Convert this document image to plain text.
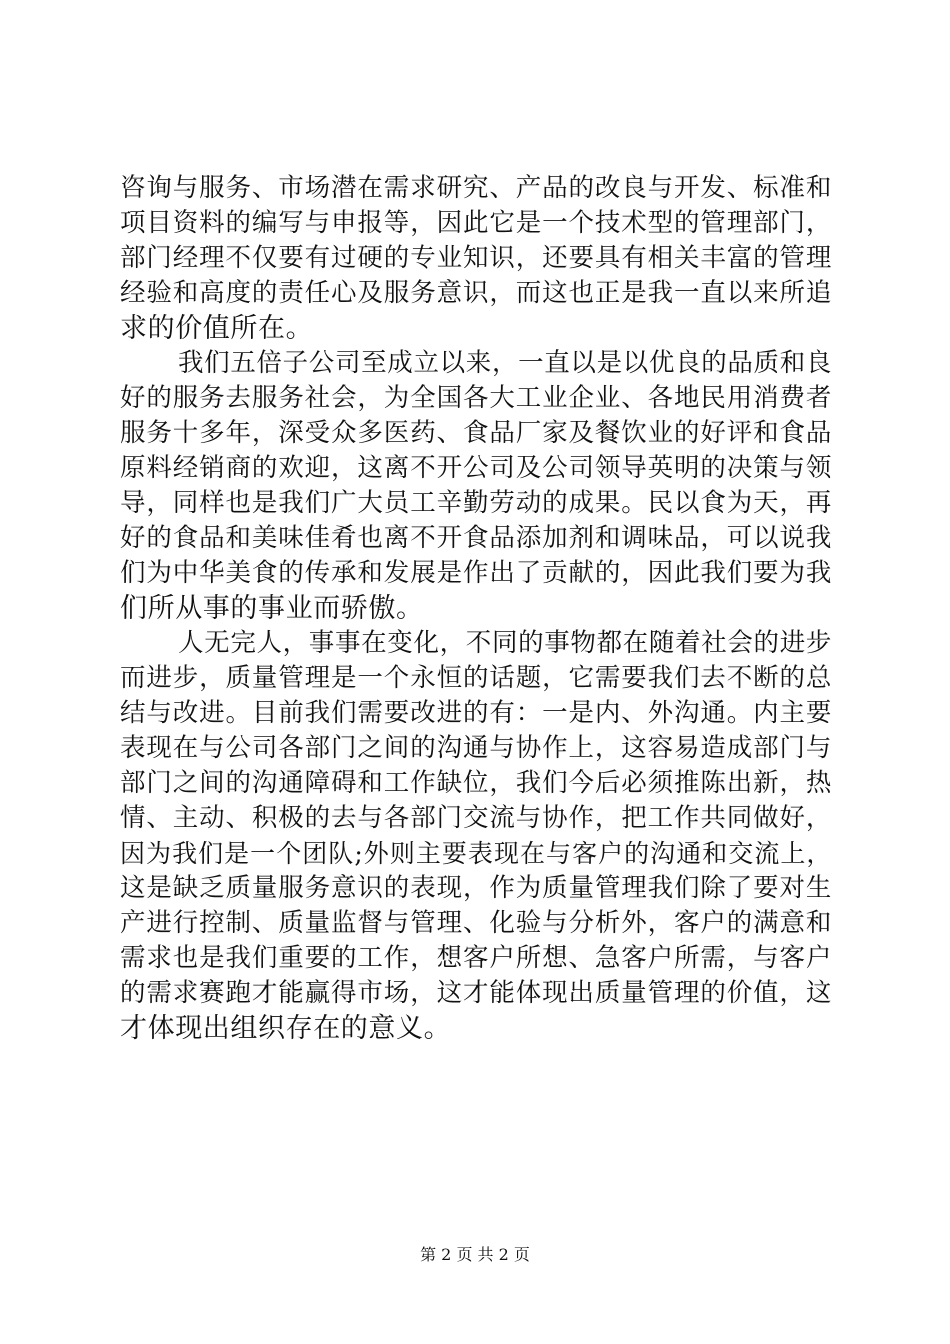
咨询与服务、市场潜在需求研究、产品的改良与开发、标准和
项目资料的编写与申报等，因此它是一个技术型的管理部门，
部门经理不仅要有过硬的专业知识，还要具有相关丰富的管理
经验和高度的责任心及服务意识，而这也正是我一直以来所追
求的价值所在。
我们五倍子公司至成立以来，一直以是以优良的品质和良
好的服务去服务社会，为全国各大工业企业、各地民用消费者
服务十多年，深受众多医药、食品厂家及餐饮业的好评和食品
原料经销商的欢迎，这离不开公司及公司领导英明的决策与领
导，同样也是我们广大员工辛勤劳动的成果。民以食为天，再
好的食品和美味佳肴也离不开食品添加剂和调味品，可以说我
们为中华美食的传承和发展是作出了贡献的，因此我们要为我
们所从事的事业而骄傲。
人无完人，事事在变化，不同的事物都在随着社会的进步
而进步，质量管理是一个永恒的话题，它需要我们去不断的总
结与改进。目前我们需要改进的有：一是内、外沟通。内主要
表现在与公司各部门之间的沟通与协作上，这容易造成部门与
部门之间的沟通障碍和工作缺位，我们今后必须推陈出新，热
情、主动、积极的去与各部门交流与协作，把工作共同做好，
因为我们是一个团队;外则主要表现在与客户的沟通和交流上，
这是缺乏质量服务意识的表现，作为质量管理我们除了要对生
产进行控制、质量监督与管理、化验与分析外，客户的满意和
需求也是我们重要的工作，想客户所想、急客户所需，与客户
的需求赛跑才能赢得市场，这才能体现出质量管理的价值，这
才体现出组织存在的意义。
第 2 页 共 2 页
